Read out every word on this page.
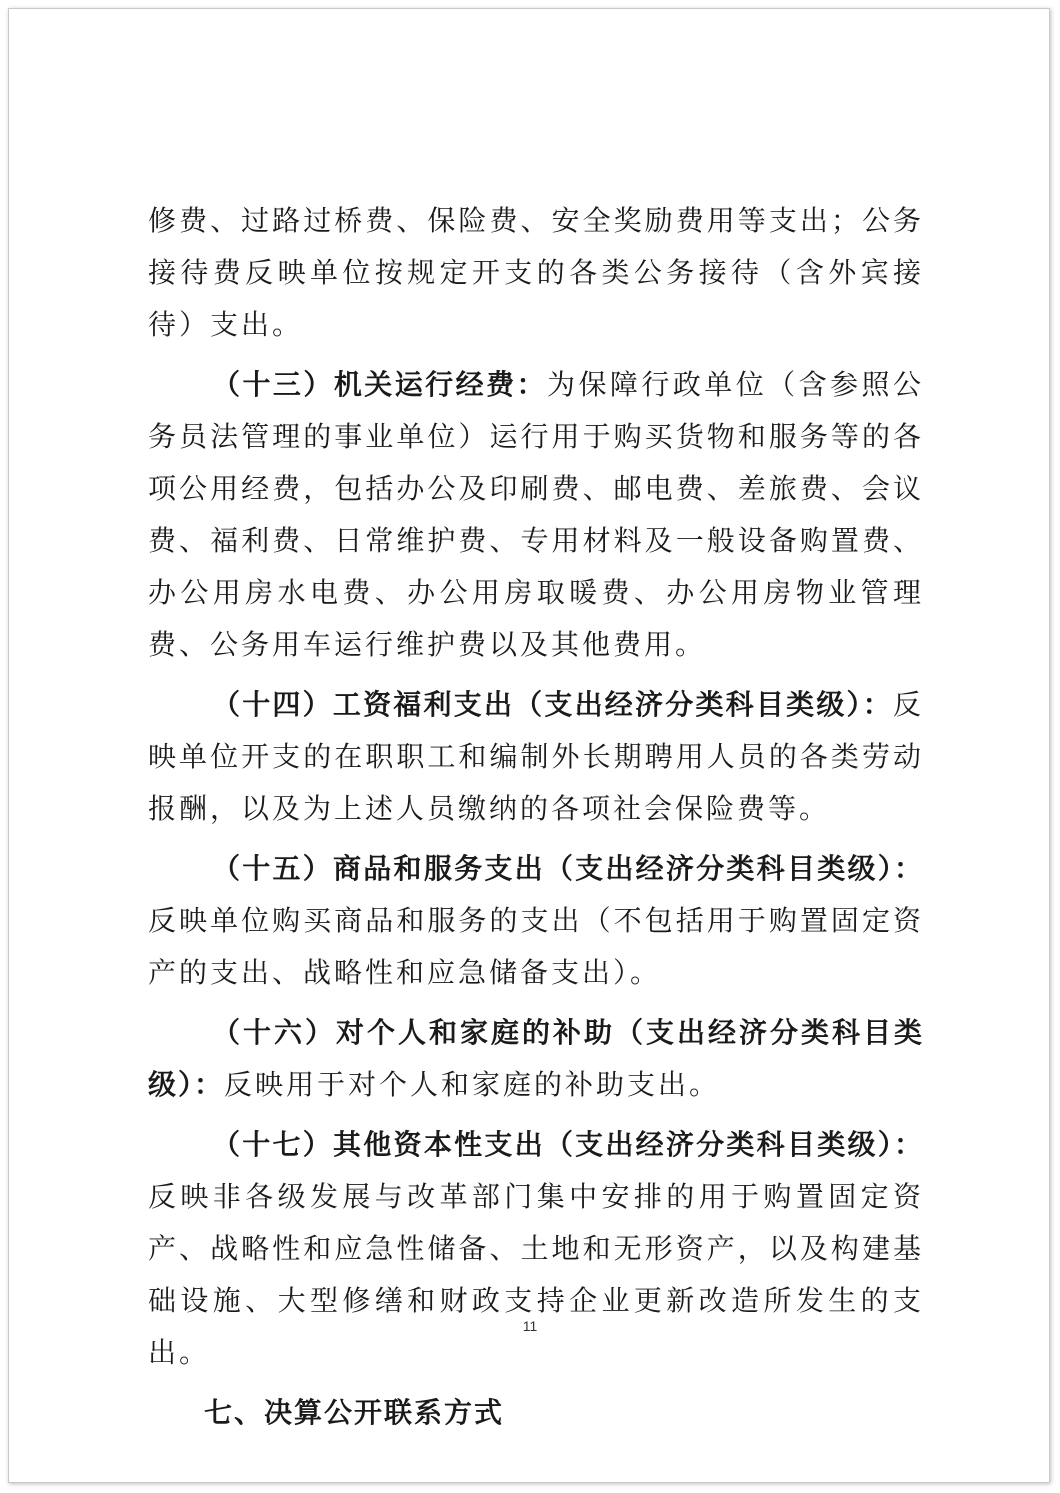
修费、过路过桥费、保险费、安全奖励费用等支出；公务接待费反映单位按规定开支的各类公务接待（含外宾接待）支出。

（十三）机关运行经费：为保障行政单位（含参照公务员法管理的事业单位）运行用于购买货物和服务等的各项公用经费，包括办公及印刷费、邮电费、差旅费、会议费、福利费、日常维护费、专用材料及一般设备购置费、办公用房水电费、办公用房取暖费、办公用房物业管理费、公务用车运行维护费以及其他费用。

（十四）工资福利支出（支出经济分类科目类级）：反映单位开支的在职职工和编制外长期聘用人员的各类劳动报酬，以及为上述人员缴纳的各项社会保险费等。

（十五）商品和服务支出（支出经济分类科目类级）：反映单位购买商品和服务的支出（不包括用于购置固定资产的支出、战略性和应急储备支出）。

（十六）对个人和家庭的补助（支出经济分类科目类级）：反映用于对个人和家庭的补助支出。

（十七）其他资本性支出（支出经济分类科目类级）：反映非各级发展与改革部门集中安排的用于购置固定资产、战略性和应急性储备、土地和无形资产，以及构建基础设施、大型修缮和财政支持企业更新改造所发生的支出。

七、决算公开联系方式

11
